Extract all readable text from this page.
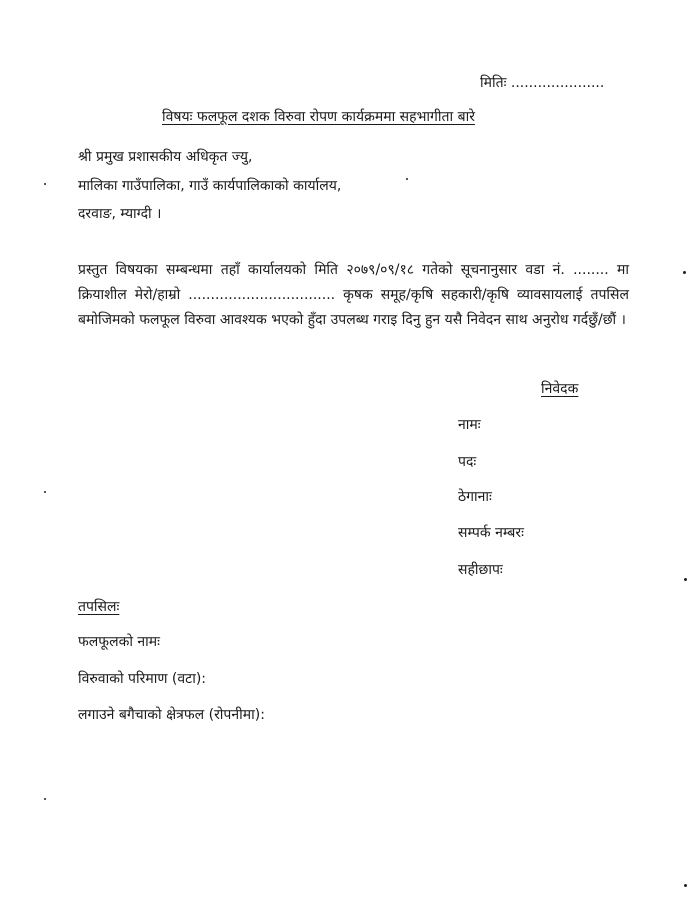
मितिः .....................
विषयः फलफूल दशक विरुवा रोपण कार्यक्रममा सहभागीता बारे
श्री प्रमुख प्रशासकीय अधिकृत ज्यु,
मालिका गाउँपालिका, गाउँ कार्यपालिकाको कार्यालय,
दरवाङ, म्याग्दी ।
प्रस्तुत विषयका सम्बन्धमा तहाँ कार्यालयको मिति २०७९/०९/१८ गतेको सूचनानुसार वडा नं. ........ मा क्रियाशील मेरो/हाम्रो ................................. कृषक समूह/कृषि सहकारी/कृषि व्यावसायलाई तपसिल बमोजिमको फलफूल विरुवा आवश्यक भएको हुँदा उपलब्ध गराइ दिनु हुन यसै निवेदन साथ अनुरोध गर्दछुँ/छौं ।
निवेदक
नामः
पदः
ठेगानाः
सम्पर्क नम्बरः
सहीछापः
तपसिलः
फलफूलको नामः
विरुवाको परिमाण (वटा):
लगाउने बगैचाको क्षेत्रफल (रोपनीमा):
